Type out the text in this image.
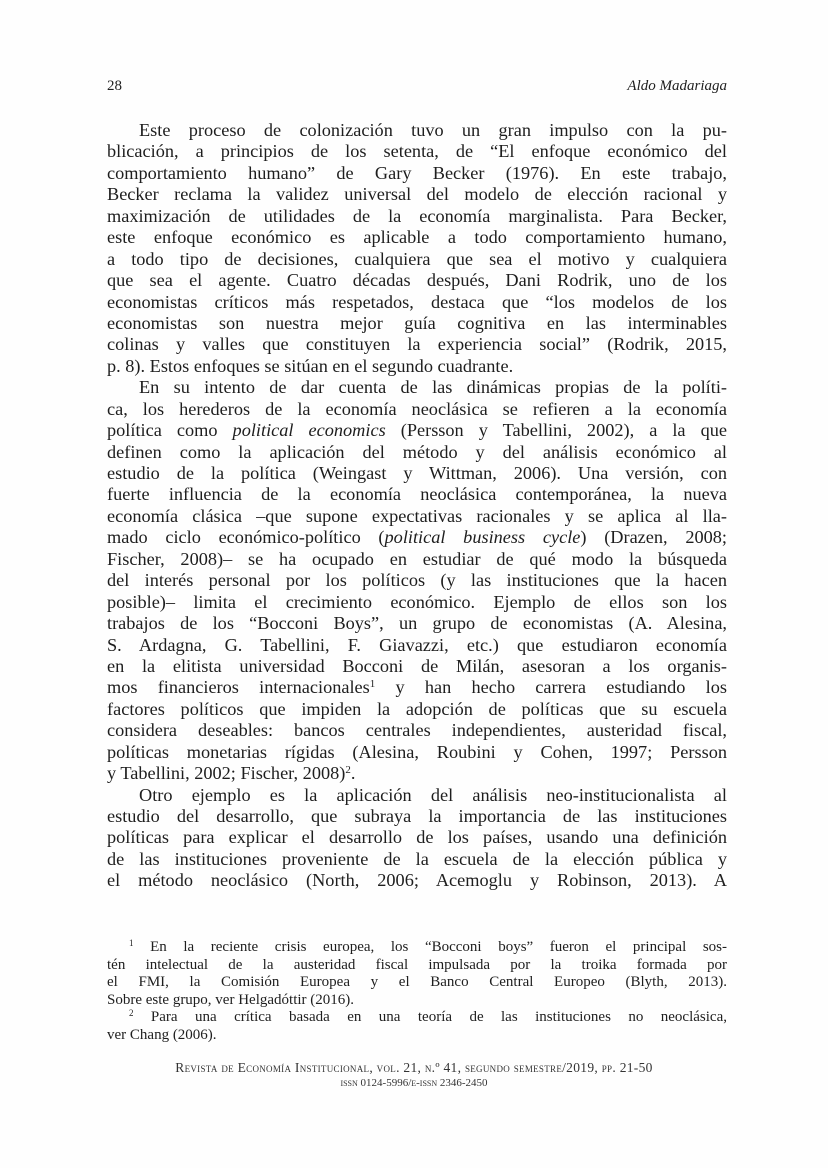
28	Aldo Madariaga
Este proceso de colonización tuvo un gran impulso con la pu-
blicación, a principios de los setenta, de “El enfoque económico del
comportamiento humano” de Gary Becker (1976). En este trabajo,
Becker reclama la validez universal del modelo de elección racional y
maximización de utilidades de la economía marginalista. Para Becker,
este enfoque económico es aplicable a todo comportamiento humano,
a todo tipo de decisiones, cualquiera que sea el motivo y cualquiera
que sea el agente. Cuatro décadas después, Dani Rodrik, uno de los
economistas críticos más respetados, destaca que “los modelos de los
economistas son nuestra mejor guía cognitiva en las interminables
colinas y valles que constituyen la experiencia social” (Rodrik, 2015,
p. 8). Estos enfoques se sitúan en el segundo cuadrante.
En su intento de dar cuenta de las dinámicas propias de la políti-
ca, los herederos de la economía neoclásica se refieren a la economía
política como political economics (Persson y Tabellini, 2002), a la que
definen como la aplicación del método y del análisis económico al
estudio de la política (Weingast y Wittman, 2006). Una versión, con
fuerte influencia de la economía neoclásica contemporánea, la nueva
economía clásica –que supone expectativas racionales y se aplica al lla-
mado ciclo económico-político (political business cycle) (Drazen, 2008;
Fischer, 2008)– se ha ocupado en estudiar de qué modo la búsqueda
del interés personal por los políticos (y las instituciones que la hacen
posible)– limita el crecimiento económico. Ejemplo de ellos son los
trabajos de los “Bocconi Boys”, un grupo de economistas (A. Alesina,
S. Ardagna, G. Tabellini, F. Giavazzi, etc.) que estudiaron economía
en la elitista universidad Bocconi de Milán, asesoran a los organis-
mos financieros internacionales$^1$ y han hecho carrera estudiando los
factores políticos que impiden la adopción de políticas que su escuela
considera deseables: bancos centrales independientes, austeridad fiscal,
políticas monetarias rígidas (Alesina, Roubini y Cohen, 1997; Persson
y Tabellini, 2002; Fischer, 2008)$^2$.
Otro ejemplo es la aplicación del análisis neo-institucionalista al
estudio del desarrollo, que subraya la importancia de las instituciones
políticas para explicar el desarrollo de los países, usando una definición
de las instituciones proveniente de la escuela de la elección pública y
el método neoclásico (North, 2006; Acemoglu y Robinson, 2013). A
$^1$ En la reciente crisis europea, los “Bocconi boys” fueron el principal sos-
tén intelectual de la austeridad fiscal impulsada por la troika formada por
el FMI, la Comisión Europea y el Banco Central Europeo (Blyth, 2013).
Sobre este grupo, ver Helgadóttir (2016).
$^2$ Para una crítica basada en una teoría de las instituciones no neoclásica,
ver Chang (2006).
Revista de Economía Institucional, vol. 21, n.º 41, segundo semestre/2019, pp. 21-50
issn 0124-5996/e-issn 2346-2450
